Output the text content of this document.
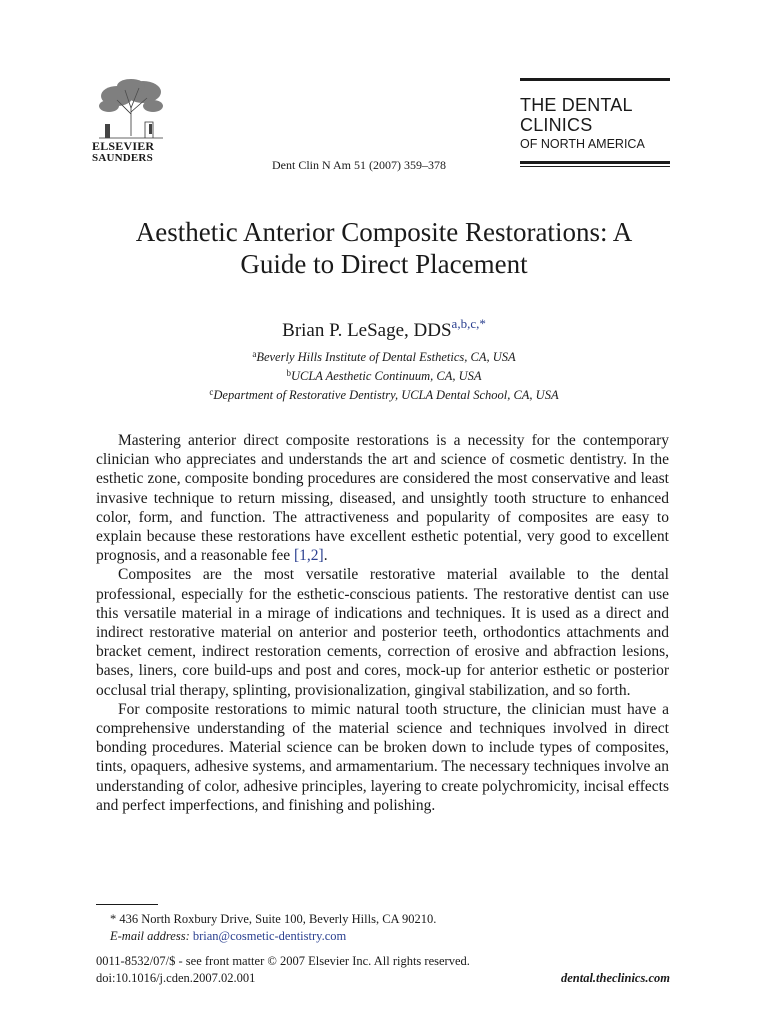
ELSEVIER
SAUNDERS	Dent Clin N Am 51 (2007) 359–378
THE DENTAL
CLINICS
OF NORTH AMERICA
Aesthetic Anterior Composite Restorations: A Guide to Direct Placement
Brian P. LeSage, $DDS^{a,b,c,*}$
$^a$Beverly Hills Institute of Dental Esthetics, CA, USA
$^b$UCLA Aesthetic Continuum, CA, USA
$^c$Department of Restorative Dentistry, UCLA Dental School, CA, USA

Mastering anterior direct composite restorations is a necessity for the contemporary clinician who appreciates and understands the art and science of cosmetic dentistry. In the esthetic zone, composite bonding procedures are considered the most conservative and least invasive technique to return missing, diseased, and unsightly tooth structure to enhanced color, form, and function. The attractiveness and popularity of composites are easy to explain because these restorations have excellent esthetic potential, very good to excellent prognosis, and a reasonable fee [1,2].

Composites are the most versatile restorative material available to the dental professional, especially for the esthetic-conscious patients. The restorative dentist can use this versatile material in a mirage of indications and techniques. It is used as a direct and indirect restorative material on anterior and posterior teeth, orthodontics attachments and bracket cement, indirect restoration cements, correction of erosive and abfraction lesions, bases, liners, core build-ups and post and cores, mock-up for anterior esthetic or posterior occlusal trial therapy, splinting, provisionalization, gingival stabilization, and so forth.

For composite restorations to mimic natural tooth structure, the clinician must have a comprehensive understanding of the material science and techniques involved in direct bonding procedures. Material science can be broken down to include types of composites, tints, opaquers, adhesive systems, and armamentarium. The necessary techniques involve an understanding of color, adhesive principles, layering to create polychromicity, incisal effects and perfect imperfections, and finishing and polishing.

* 436 North Roxbury Drive, Suite 100, Beverly Hills, CA 90210.
E-mail address: brian@cosmetic-dentistry.com
0011-8532/07/$ - see front matter © 2007 Elsevier Inc. All rights reserved.
doi:10.1016/j.cden.2007.02.001	dental.theclinics.com
